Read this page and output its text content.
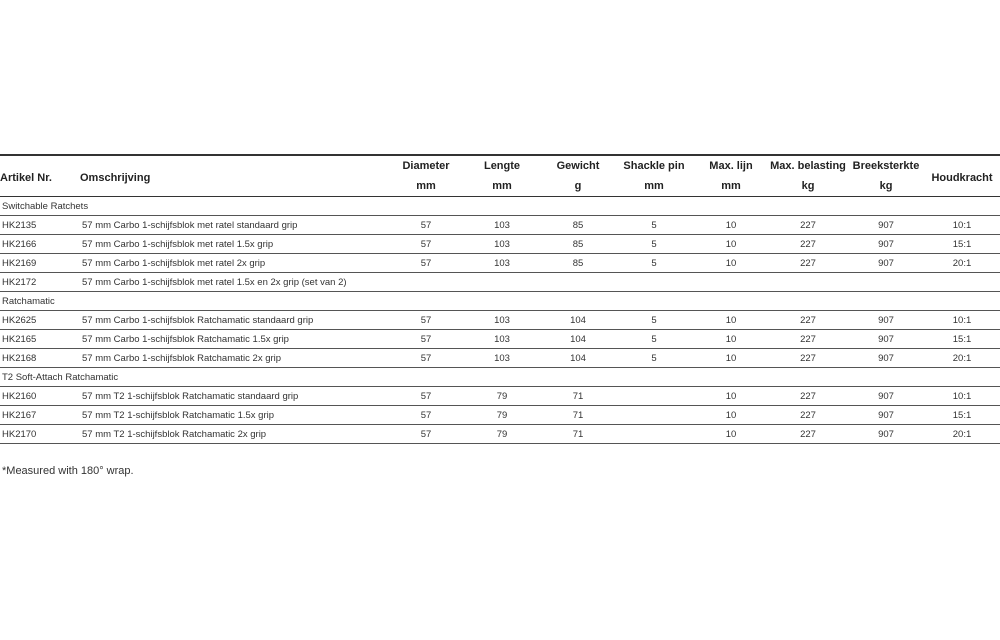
Artikel Nr.	Omschrijving	Diameter	Lengte	Gewicht	Shackle pin	Max. lijn	Max. belasting	Breeksterkte	Houdkracht
		mm	mm	g	mm	mm	kg	kg	
Switchable Ratchets									
HK2135	57 mm Carbo 1-schijfsblok met ratel standaard grip	57	103	85	5	10	227	907	10:1
HK2166	57 mm Carbo 1-schijfsblok met ratel 1.5x grip	57	103	85	5	10	227	907	15:1
HK2169	57 mm Carbo 1-schijfsblok met ratel 2x grip	57	103	85	5	10	227	907	20:1
HK2172	57 mm Carbo 1-schijfsblok met ratel 1.5x en 2x grip (set van 2)								
Ratchamatic									
HK2625	57 mm Carbo 1-schijfsblok Ratchamatic standaard grip	57	103	104	5	10	227	907	10:1
HK2165	57 mm Carbo 1-schijfsblok Ratchamatic 1.5x grip	57	103	104	5	10	227	907	15:1
HK2168	57 mm Carbo 1-schijfsblok Ratchamatic 2x grip	57	103	104	5	10	227	907	20:1
T2 Soft-Attach Ratchamatic									
HK2160	57 mm T2 1-schijfsblok Ratchamatic standaard grip	57	79	71		10	227	907	10:1
HK2167	57 mm T2 1-schijfsblok Ratchamatic 1.5x grip	57	79	71		10	227	907	15:1
HK2170	57 mm T2 1-schijfsblok Ratchamatic 2x grip	57	79	71		10	227	907	20:1
*Measured with 180° wrap.
